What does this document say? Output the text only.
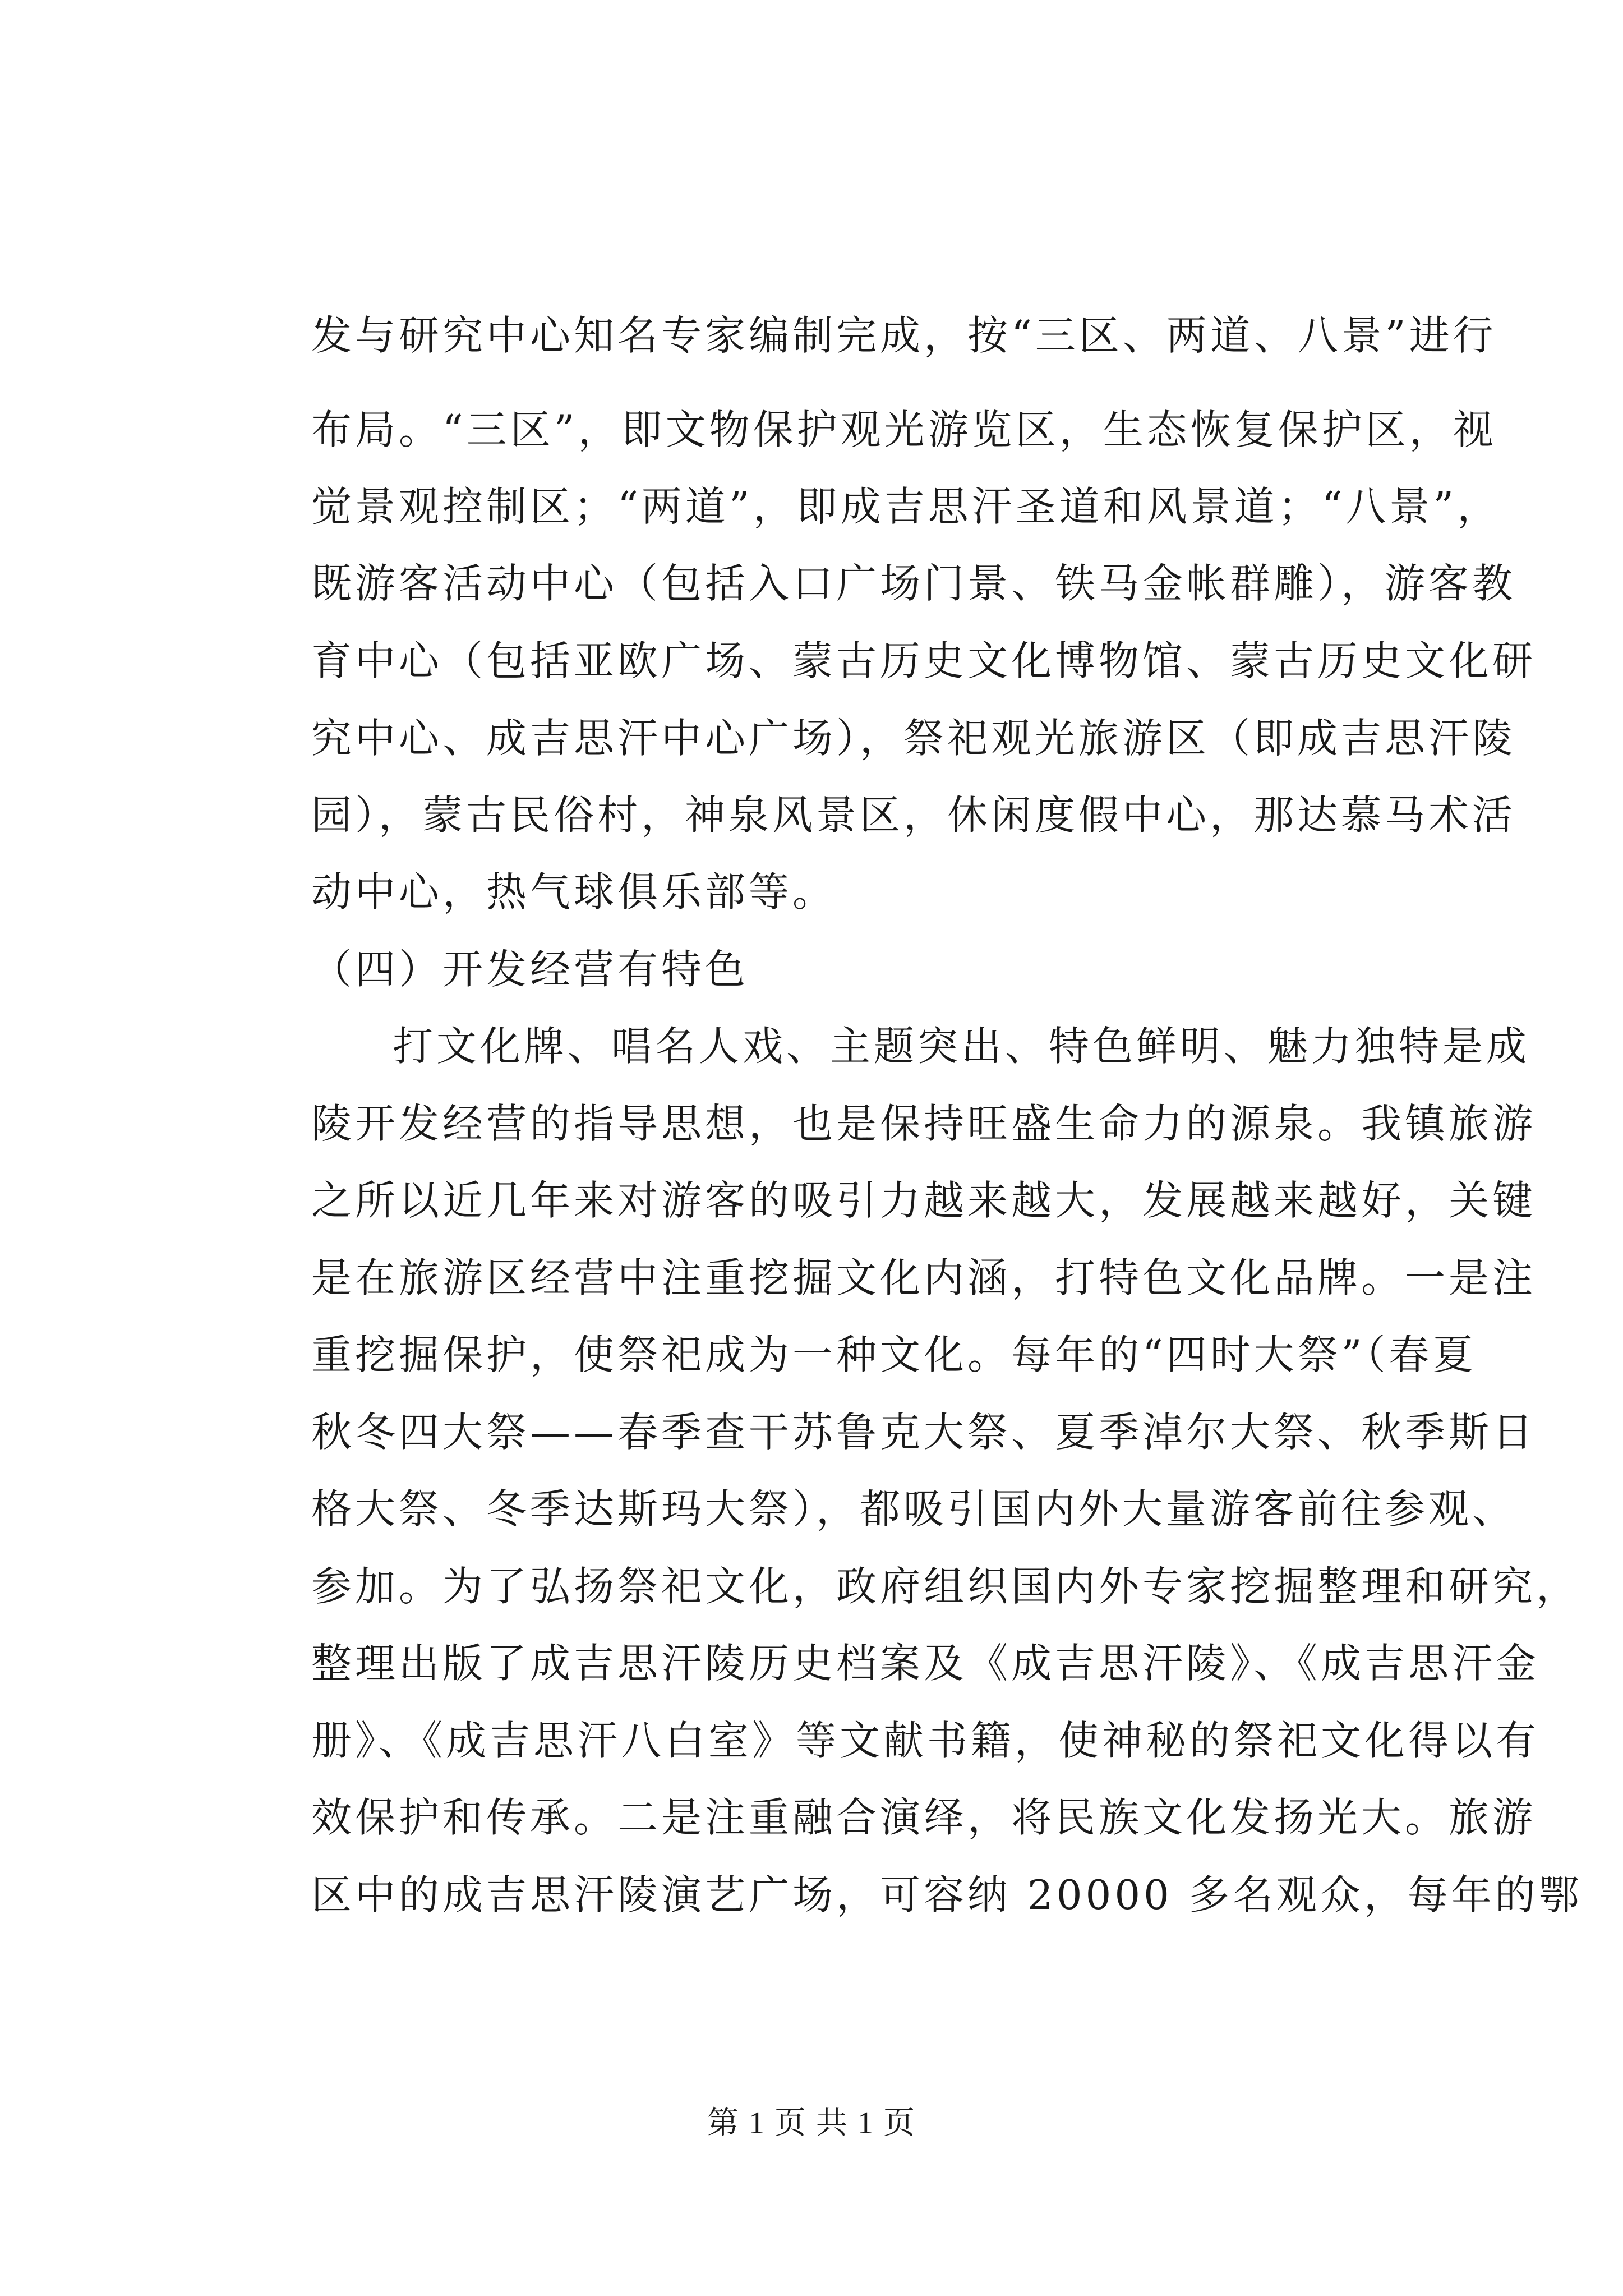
发与研究中心知名专家编制完成，按“三区、两道、八景”进行
布局。“三区”，即文物保护观光游览区，生态恢复保护区，视
觉景观控制区；“两道”，即成吉思汗圣道和风景道；“八景”，
既游客活动中心（包括入口广场门景、铁马金帐群雕），游客教
育中心（包括亚欧广场、蒙古历史文化博物馆、蒙古历史文化研
究中心、成吉思汗中心广场），祭祀观光旅游区（即成吉思汗陵
园），蒙古民俗村，神泉风景区，休闲度假中心，那达慕马术活
动中心，热气球俱乐部等。
（四）开发经营有特色
打文化牌、唱名人戏、主题突出、特色鲜明、魅力独特是成
陵开发经营的指导思想，也是保持旺盛生命力的源泉。我镇旅游
之所以近几年来对游客的吸引力越来越大，发展越来越好，关键
是在旅游区经营中注重挖掘文化内涵，打特色文化品牌。一是注
重挖掘保护，使祭祀成为一种文化。每年的“四时大祭”（春夏
秋冬四大祭——春季查干苏鲁克大祭、夏季淖尔大祭、秋季斯日
格大祭、冬季达斯玛大祭），都吸引国内外大量游客前往参观、
参加。为了弘扬祭祀文化，政府组织国内外专家挖掘整理和研究，
整理出版了成吉思汗陵历史档案及《成吉思汗陵》、《成吉思汗金
册》、《成吉思汗八白室》等文献书籍，使神秘的祭祀文化得以有
效保护和传承。二是注重融合演绎，将民族文化发扬光大。旅游
区中的成吉思汗陵演艺广场，可容纳 20000 多名观众，每年的鄂
第 1 页 共 1 页
